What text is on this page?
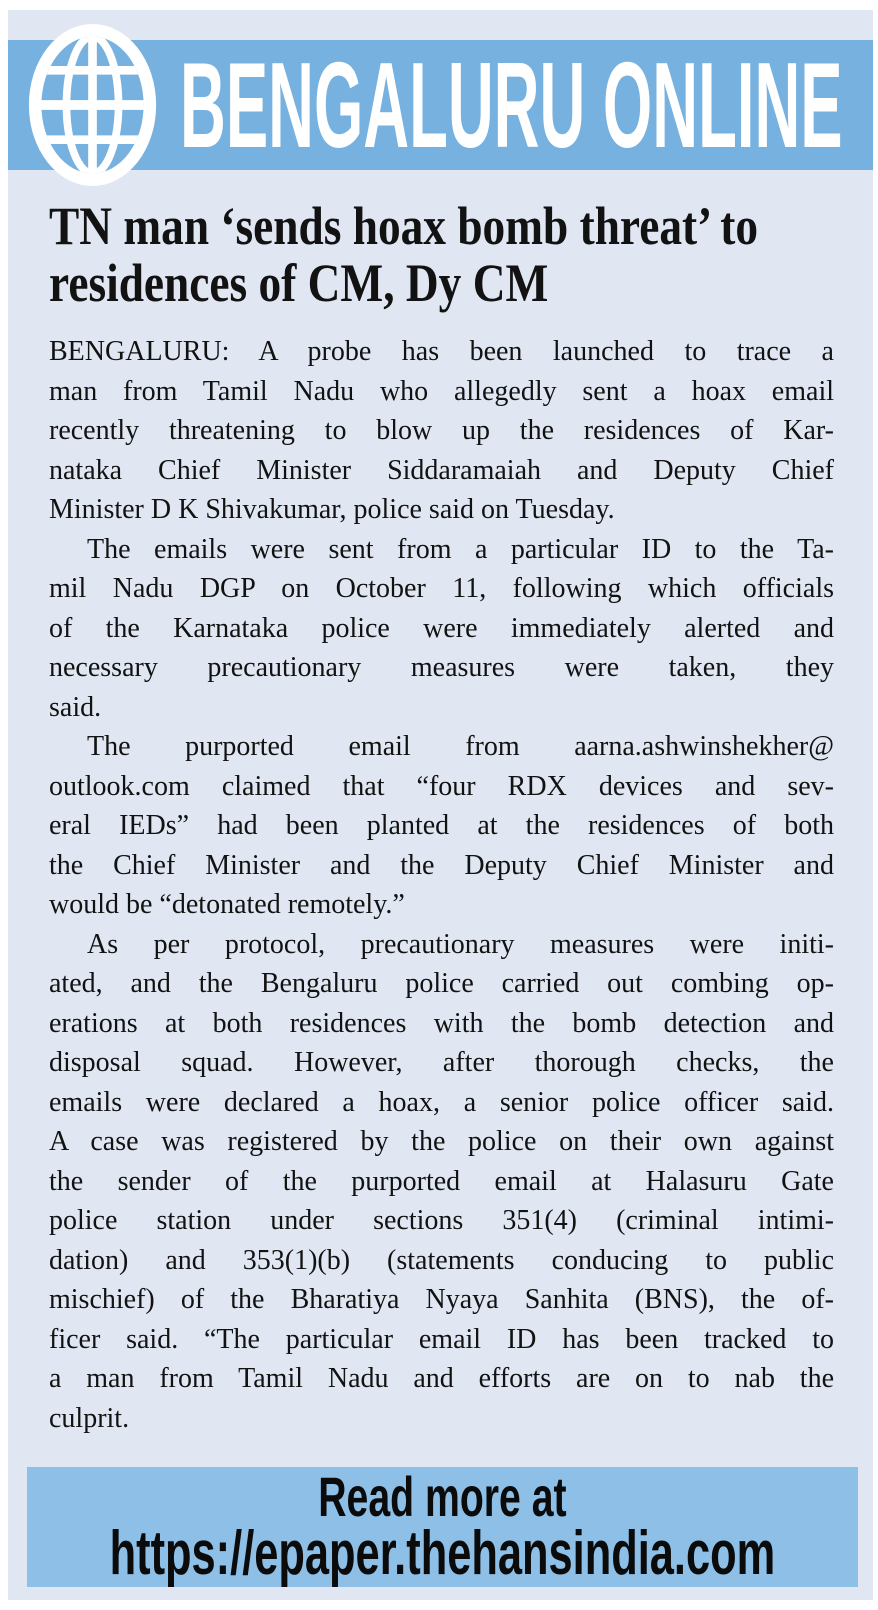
BENGALURU ONLINE
TN man ‘sends hoax bomb threat’ to
residences of CM, Dy CM
BENGALURU: A probe has been launched to trace a
man from Tamil Nadu who allegedly sent a hoax email
recently threatening to blow up the residences of Kar-
nataka Chief Minister Siddaramaiah and Deputy Chief
Minister D K Shivakumar, police said on Tuesday.
The emails were sent from a particular ID to the Ta-
mil Nadu DGP on October 11, following which officials
of the Karnataka police were immediately alerted and
necessary precautionary measures were taken, they
said.
The purported email from aarna.ashwinshekher@
outlook.com claimed that “four RDX devices and sev-
eral IEDs” had been planted at the residences of both
the Chief Minister and the Deputy Chief Minister and
would be “detonated remotely.”
As per protocol, precautionary measures were initi-
ated, and the Bengaluru police carried out combing op-
erations at both residences with the bomb detection and
disposal squad. However, after thorough checks, the
emails were declared a hoax, a senior police officer said.
A case was registered by the police on their own against
the sender of the purported email at Halasuru Gate
police station under sections 351(4) (criminal intimi-
dation) and 353(1)(b) (statements conducing to public
mischief) of the Bharatiya Nyaya Sanhita (BNS), the of-
ficer said. “The particular email ID has been tracked to
a man from Tamil Nadu and efforts are on to nab the
culprit.
Read more at
https://epaper.thehansindia.com
